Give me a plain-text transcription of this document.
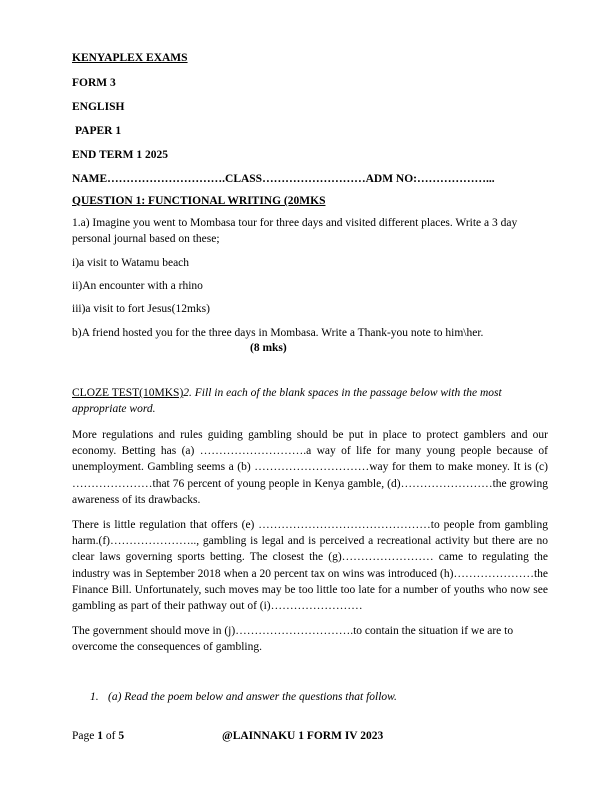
KENYAPLEX EXAMS
FORM 3
ENGLISH
PAPER 1
END TERM 1 2025
NAME………………………….CLASS………………………ADM NO:………………...
QUESTION 1: FUNCTIONAL WRITING (20MKS
1.a) Imagine you went to Mombasa tour for three days and visited different places. Write a 3 day personal journal based on these;
i)a visit to Watamu beach
ii)An encounter with a rhino
iii)a visit to fort Jesus(12mks)
b)A friend hosted you for the three days in Mombasa. Write a Thank-you note to him\her.
(8 mks)
CLOZE TEST(10MKS)2. Fill in each of the blank spaces in the passage below with the most appropriate word.
More regulations and rules guiding gambling should be put in place to protect gamblers and our economy. Betting has (a) ……………………….a way of life for many young people because of unemployment. Gambling seems a (b) …………………………way for them to make money. It is (c) …………………that 76 percent of young people in Kenya gamble, (d)……………………the growing awareness of its drawbacks.
There is little regulation that offers (e) ………………………………………to people from gambling harm.(f)………………….., gambling is legal and is perceived a recreational activity but there are no clear laws governing sports betting. The closest the (g)…………………… came to regulating the industry was in September 2018 when a 20 percent tax on wins was introduced (h)…………………the Finance Bill. Unfortunately, such moves may be too little too late for a number of youths who now see gambling as part of their pathway out of (i)……………………
The government should move in (j)………………………….to contain the situation if we are to overcome the consequences of gambling.
1. (a) Read the poem below and answer the questions that follow.
Page 1 of 5	@LAINNAKU 1 FORM IV 2023
